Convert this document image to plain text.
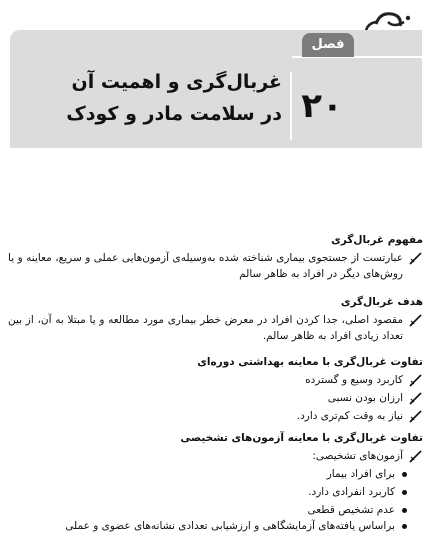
غربال‌گری و اهمیت آن
در سلامت مادر و کودک ۲۰
فصل
مفهوم غربال‌گری
عبارتست از جستجوی بیماری شناخته شده به‌وسیله‌ی آزمون‌هایی عملی و سریع، معاینه و یا روش‌های دیگر در افراد به ظاهر سالم
هدف غربال‌گری
مقصود اصلی، جدا کردن افراد در معرض خطر بیماری مورد مطالعه و یا مبتلا به آن، از بین تعداد زیادی افراد به ظاهر سالم.
تفاوت غربال‌گری با معاینه بهداشتی دوره‌ای
کاربرد وسیع و گسترده
ارزان بودن نسبی
نیاز به وقت کم‌تری دارد.
تفاوت غربال‌گری با معاینه آزمون‌های تشخیصی
آزمون‌های تشخیصی:
برای افراد بیمار
کاربرد انفرادی دارد.
عدم تشخیص قطعی
براساس یافته‌های آزمایشگاهی و ارزشیابی تعدادی نشانه‌های عضوی و عملی
